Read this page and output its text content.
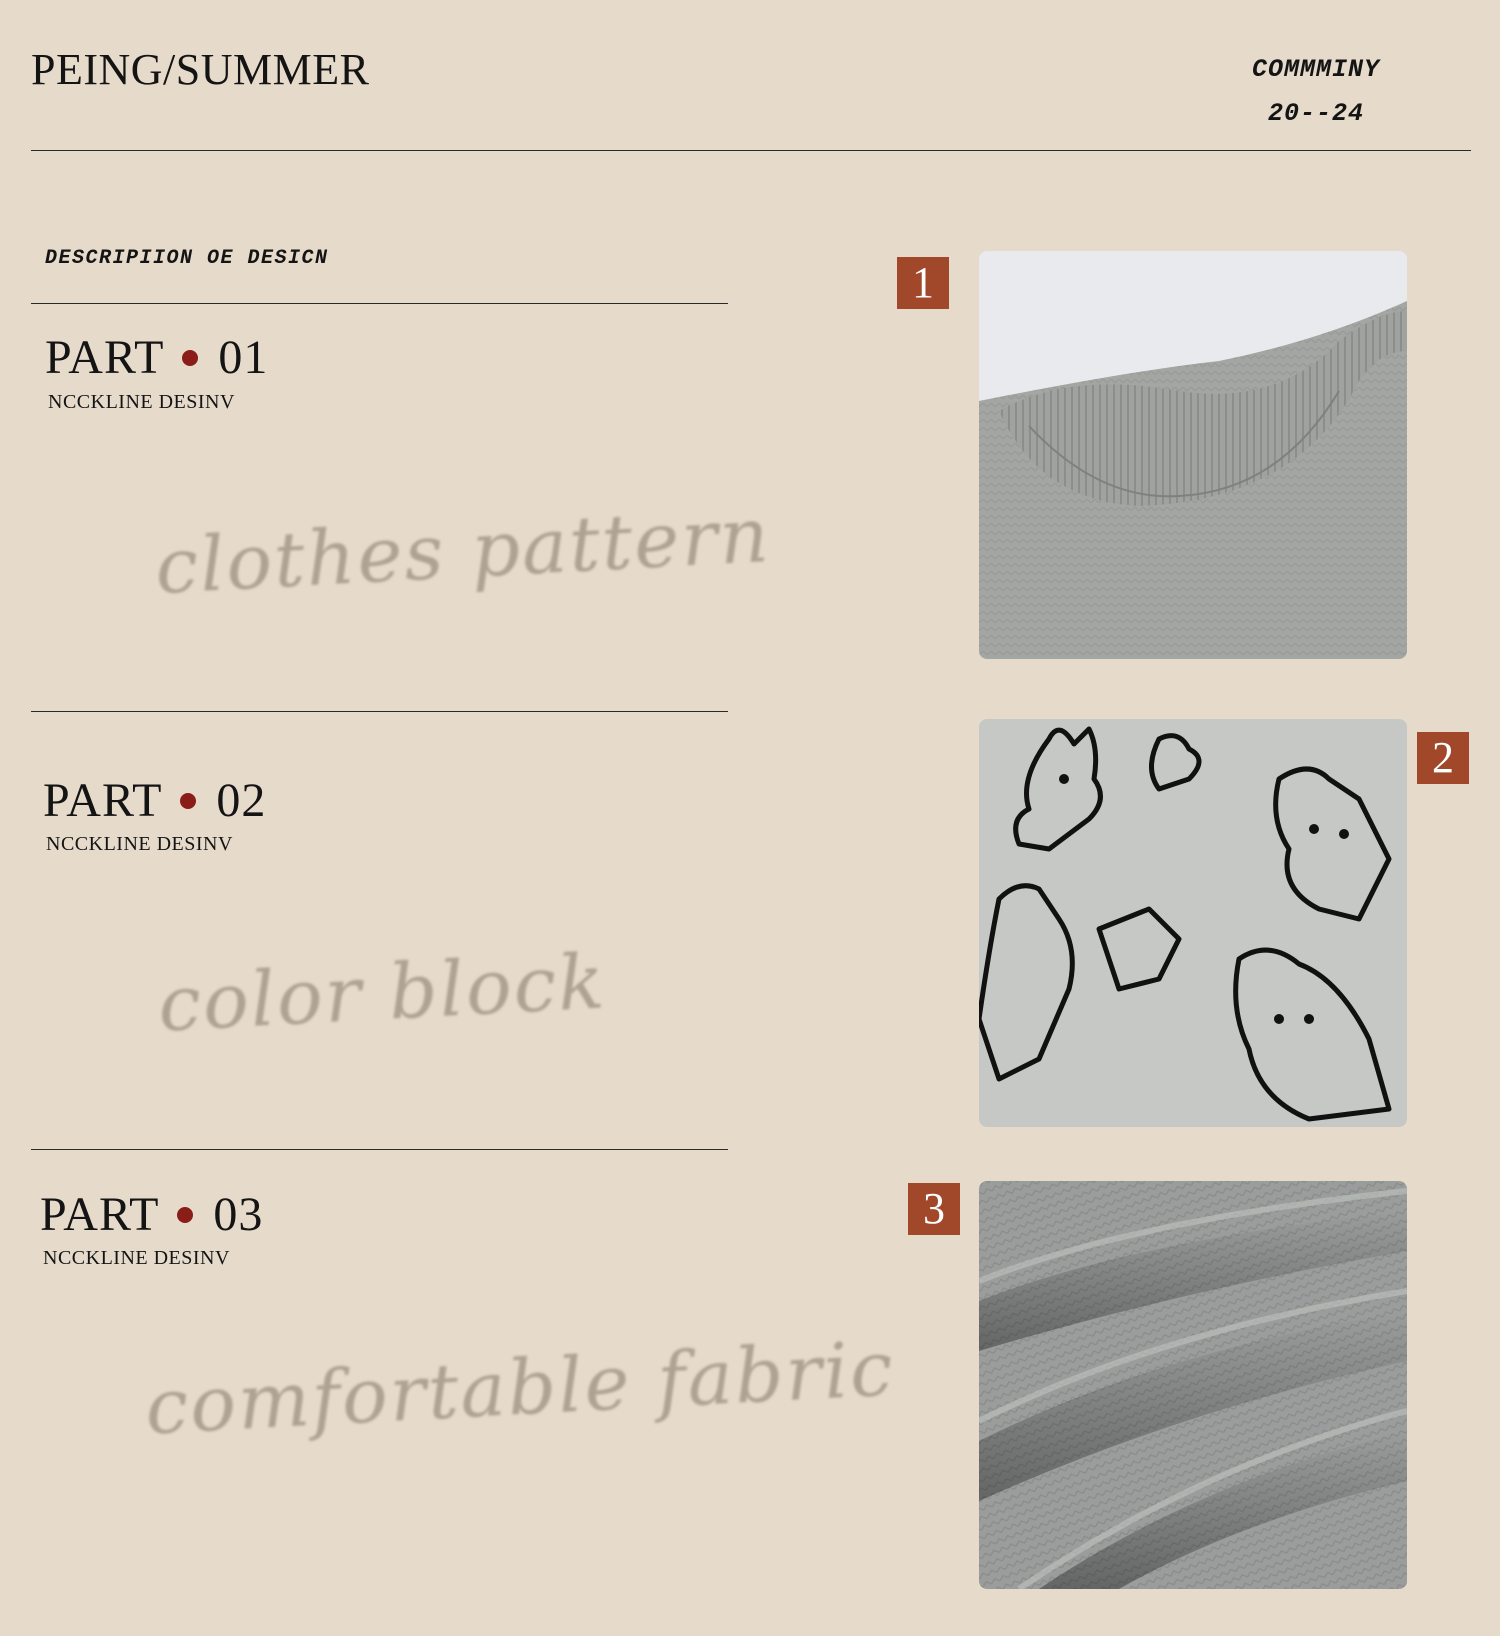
PEING/SUMMER	COMMMINY
20--24
DESCRIPIION OE DESICN
PART 01
NCCKLINE DESINV
clothes pattern
PART 02
NCCKLINE DESINV
color block
PART 03
NCCKLINE DESINV
comfortable fabric
1
2
3
